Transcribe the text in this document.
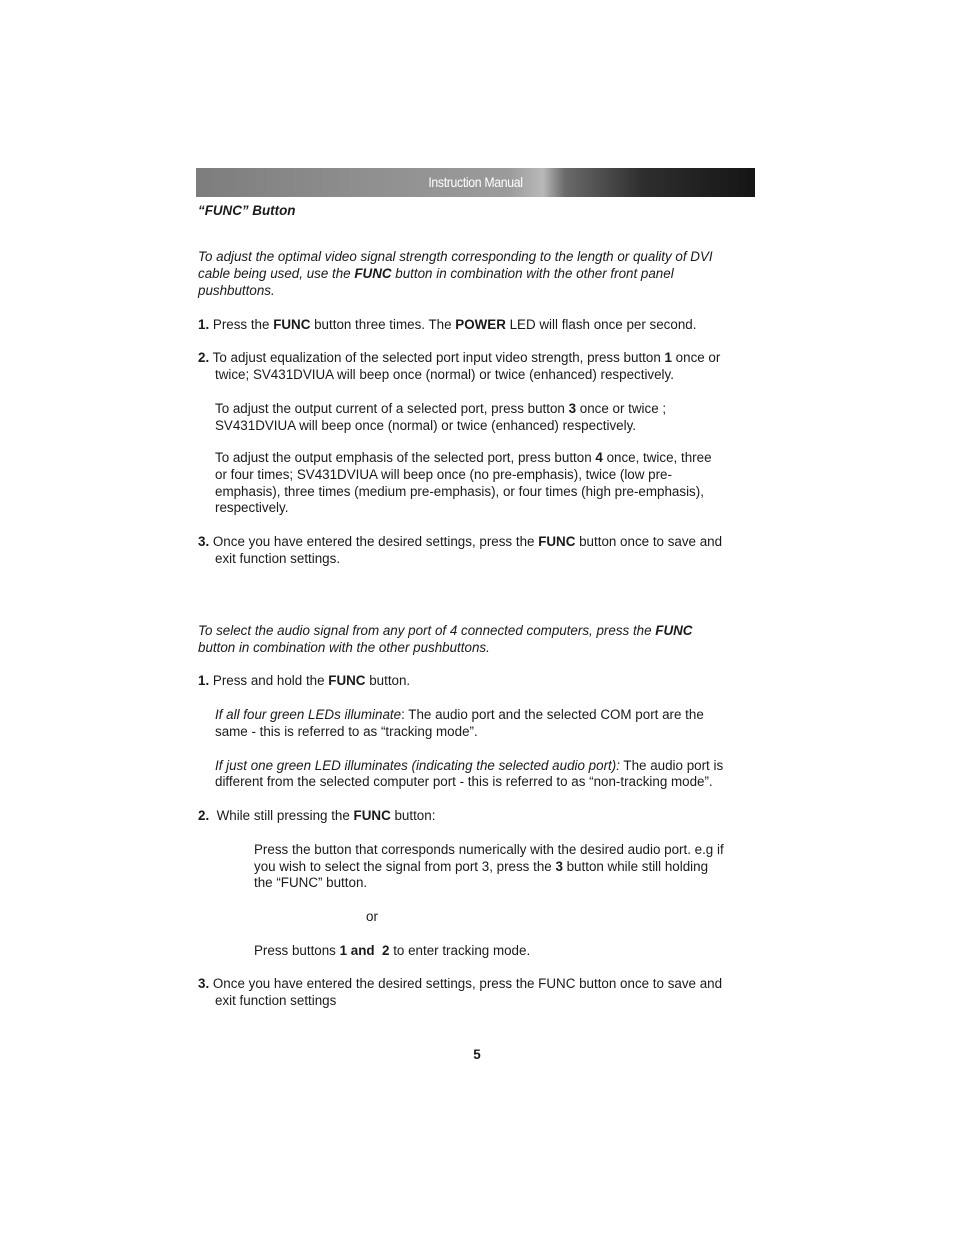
Instruction Manual
“FUNC” Button
To adjust the optimal video signal strength corresponding to the length or quality of DVI
cable being used, use the FUNC button in combination with the other front panel
pushbuttons.
1. Press the FUNC button three times. The POWER LED will flash once per second.
2. To adjust equalization of the selected port input video strength, press button 1 once or
twice; SV431DVIUA will beep once (normal) or twice (enhanced) respectively.
To adjust the output current of a selected port, press button 3 once or twice ;
SV431DVIUA will beep once (normal) or twice (enhanced) respectively.
To adjust the output emphasis of the selected port, press button 4 once, twice, three
or four times; SV431DVIUA will beep once (no pre-emphasis), twice (low pre-
emphasis), three times (medium pre-emphasis), or four times (high pre-emphasis),
respectively.
3. Once you have entered the desired settings, press the FUNC button once to save and
exit function settings.
To select the audio signal from any port of 4 connected computers, press the FUNC
button in combination with the other pushbuttons.
1. Press and hold the FUNC button.
If all four green LEDs illuminate: The audio port and the selected COM port are the
same - this is referred to as “tracking mode”.
If just one green LED illuminates (indicating the selected audio port): The audio port is
different from the selected computer port - this is referred to as “non-tracking mode”.
2.  While still pressing the FUNC button:
Press the button that corresponds numerically with the desired audio port. e.g if
you wish to select the signal from port 3, press the 3 button while still holding
the “FUNC” button.
or
Press buttons 1 and  2 to enter tracking mode.
3. Once you have entered the desired settings, press the FUNC button once to save and
exit function settings
5
